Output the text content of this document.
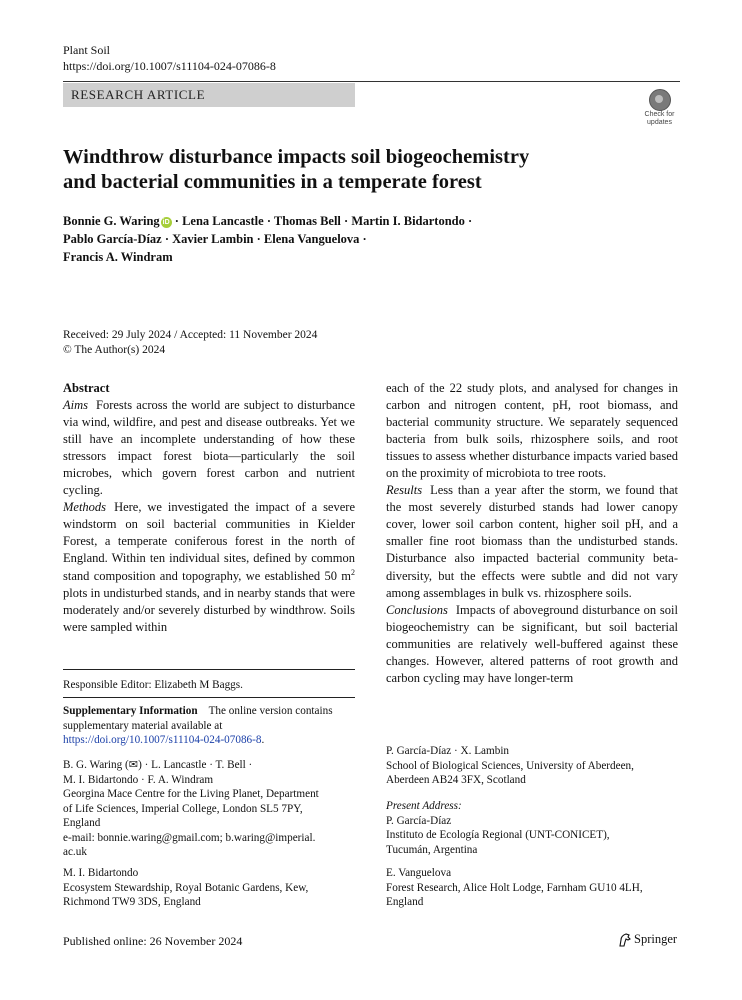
Plant Soil
https://doi.org/10.1007/s11104-024-07086-8
RESEARCH ARTICLE
Check for
updates
Windthrow disturbance impacts soil biogeochemistry
and bacterial communities in a temperate forest
Bonnie G. Waring iD · Lena Lancastle · Thomas Bell · Martin I. Bidartondo ·
Pablo García-Díaz · Xavier Lambin · Elena Vanguelova ·
Francis A. Windram
Received: 29 July 2024 / Accepted: 11 November 2024
© The Author(s) 2024

Abstract

Aims Forests across the world are subject to disturbance via wind, wildfire, and pest and disease outbreaks. Yet we still have an incomplete understanding of how these stressors impact forest biota—particularly the soil microbes, which govern forest carbon and nutrient cycling.

Methods Here, we investigated the impact of a severe windstorm on soil bacterial communities in Kielder Forest, a temperate coniferous forest in the north of England. Within ten individual sites, defined by common stand composition and topography, we established 50 $m^2$ plots in undisturbed stands, and in nearby stands that were moderately and/or severely disturbed by windthrow. Soils were sampled within

each of the 22 study plots, and analysed for changes in carbon and nitrogen content, pH, root biomass, and bacterial community structure. We separately sequenced bacteria from bulk soils, rhizosphere soils, and root tissues to assess whether disturbance impacts varied based on the proximity of microbiota to tree roots.

Results Less than a year after the storm, we found that the most severely disturbed stands had lower canopy cover, lower soil carbon content, higher soil pH, and a smaller fine root biomass than the undisturbed stands. Disturbance also impacted bacterial community beta-diversity, but the effects were subtle and did not vary among assemblages in bulk vs. rhizosphere soils.

Conclusions Impacts of aboveground disturbance on soil biogeochemistry can be significant, but soil bacterial communities are relatively well-buffered against these changes. However, altered patterns of root growth and carbon cycling may have longer-term

Responsible Editor: Elizabeth M Baggs.

Supplementary Information The online version contains supplementary material available at https://doi.org/10.1007/s11104-024-07086-8.

B. G. Waring (✉) · L. Lancastle · T. Bell ·

M. I. Bidartondo · F. A. Windram

Georgina Mace Centre for the Living Planet, Department

of Life Sciences, Imperial College, London SL5 7PY,

England

e-mail: bonnie.waring@gmail.com; b.waring@imperial.

ac.uk

M. I. Bidartondo

Ecosystem Stewardship, Royal Botanic Gardens, Kew,

Richmond TW9 3DS, England

P. García-Díaz · X. Lambin

School of Biological Sciences, University of Aberdeen,

Aberdeen AB24 3FX, Scotland

Present Address:

P. García-Díaz

Instituto de Ecología Regional (UNT-CONICET),

Tucumán, Argentina

E. Vanguelova

Forest Research, Alice Holt Lodge, Farnham GU10 4LH,

England

Published online: 26 November 2024	Springer
